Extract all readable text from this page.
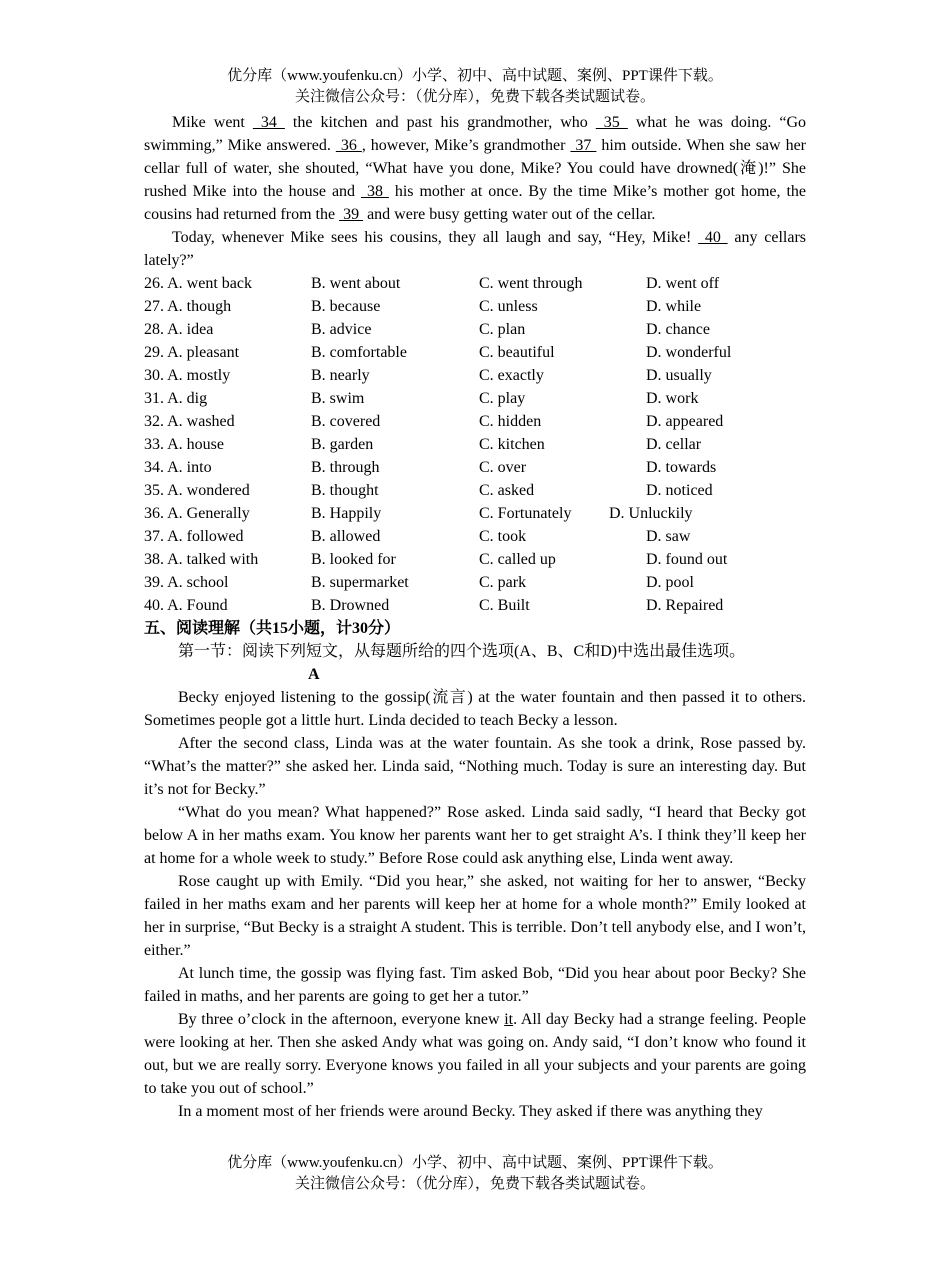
优分库（www.youfenku.cn）小学、初中、高中试题、案例、PPT课件下载。
关注微信公众号：（优分库），免费下载各类试题试卷。

Mike went  34  the kitchen and past his grandmother, who  35  what he was doing. “Go swimming,” Mike answered.  36 , however, Mike’s grandmother  37  him outside. When she saw her cellar full of water, she shouted, “What have you done, Mike? You could have drowned(淹)!” She rushed Mike into the house and  38  his mother at once. By the time Mike’s mother got home, the cousins had returned from the  39  and were busy getting water out of the cellar.

Today, whenever Mike sees his cousins, they all laugh and say, “Hey, Mike!  40  any cellars lately?”

26. A. went back	B. went about	C. went through	D. went off
27. A. though	B. because	C. unless	D. while
28. A. idea	B. advice	C. plan	D. chance
29. A. pleasant	B. comfortable	C. beautiful	D. wonderful
30. A. mostly	B. nearly	C. exactly	D. usually
31. A. dig	B. swim	C. play	D. work
32. A. washed	B. covered	C. hidden	D. appeared
33. A. house	B. garden	C. kitchen	D. cellar
34. A. into	B. through	C. over	D. towards
35. A. wondered	B. thought	C. asked	D. noticed
36. A. Generally	B. Happily	C. Fortunately D. Unluckily
37. A. followed	B. allowed	C. took	D. saw
38. A. talked with	B. looked for	C. called up	D. found out
39. A. school	B. supermarket	C. park	D. pool
40. A. Found	B. Drowned	C. Built	D. Repaired

五、阅读理解（共15小题，计30分）

第一节：阅读下列短文，从每题所给的四个选项(A、B、C和D)中选出最佳选项。

A

Becky enjoyed listening to the gossip(流言) at the water fountain and then passed it to others. Sometimes people got a little hurt. Linda decided to teach Becky a lesson.

After the second class, Linda was at the water fountain. As she took a drink, Rose passed by. “What’s the matter?” she asked her. Linda said, “Nothing much. Today is sure an interesting day. But it’s not for Becky.”

“What do you mean? What happened?” Rose asked. Linda said sadly, “I heard that Becky got below A in her maths exam. You know her parents want her to get straight A’s. I think they’ll keep her at home for a whole week to study.” Before Rose could ask anything else, Linda went away.

Rose caught up with Emily. “Did you hear,” she asked, not waiting for her to answer, “Becky failed in her maths exam and her parents will keep her at home for a whole month?” Emily looked at her in surprise, “But Becky is a straight A student. This is terrible. Don’t tell anybody else, and I won’t, either.”

At lunch time, the gossip was flying fast. Tim asked Bob, “Did you hear about poor Becky? She failed in maths, and her parents are going to get her a tutor.”

By three o’clock in the afternoon, everyone knew it. All day Becky had a strange feeling. People were looking at her. Then she asked Andy what was going on. Andy said, “I don’t know who found it out, but we are really sorry. Everyone knows you failed in all your subjects and your parents are going to take you out of school.”

In a moment most of her friends were around Becky. They asked if there was anything they

优分库（www.youfenku.cn）小学、初中、高中试题、案例、PPT课件下载。
关注微信公众号：（优分库），免费下载各类试题试卷。
